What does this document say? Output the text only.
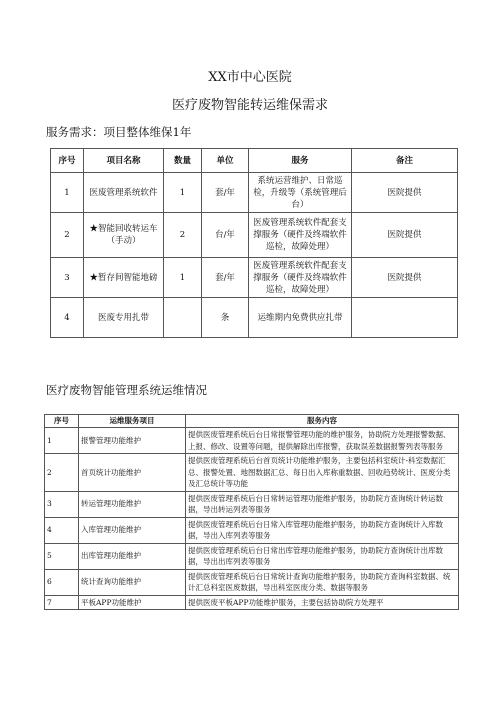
XX市中心医院
医疗废物智能转运维保需求
服务需求：项目整体维保1年
序号	项目名称	数量	单位	服务	备注
1	医废管理系统软件	1	套/年	系统运营维护、日常巡检，升级等（系统管理后台）	医院提供
2	★智能回收转运车（手动）	2	台/年	医废管理系统软件配套支撑服务（硬件及终端软件巡检，故障处理）	医院提供
3	★暂存间智能地磅	1	套/年	医废管理系统软件配套支撑服务（硬件及终端软件巡检，故障处理）	医院提供
4	医废专用扎带		条	运维期内免费供应扎带	
医疗废物智能管理系统运维情况
序号	运维服务项目	服务内容
1	报警管理功能维护	提供医废管理系统后台日常报警管理功能的维护服务，协助院方处理报警数据、上报、修改、设置等问题，提供解除出库报警，获取误差数据报警列表等服务
2	首页统计功能维护	提供医废管理系统后台首页统计功能维护服务，主要包括科室统计-科室数据汇总、报警处置、地图数据汇总、每日出入库称重数据、回收趋势统计、医废分类及汇总统计等功能
3	转运管理功能维护	提供医废管理系统后台日常转运管理功能维护服务，协助院方查询统计转运数据，导出转运列表等服务
4	入库管理功能维护	提供医废管理系统后台日常入库管理功能维护服务，协助院方查询统计入库数据，导出入库列表等服务
5	出库管理功能维护	提供医废管理系统后台日常出库管理功能维护服务，协助院方查询统计出库数据，导出出库列表等服务
6	统计查询功能维护	提供医废管理系统后台日常统计查询功能维护服务，协助院方查询科室数据、统计汇总科室医废数据，导出科室医废分类、数据等服务
7	平板APP功能维护	提供医废平板APP功能维护服务，主要包括协助院方处理平
